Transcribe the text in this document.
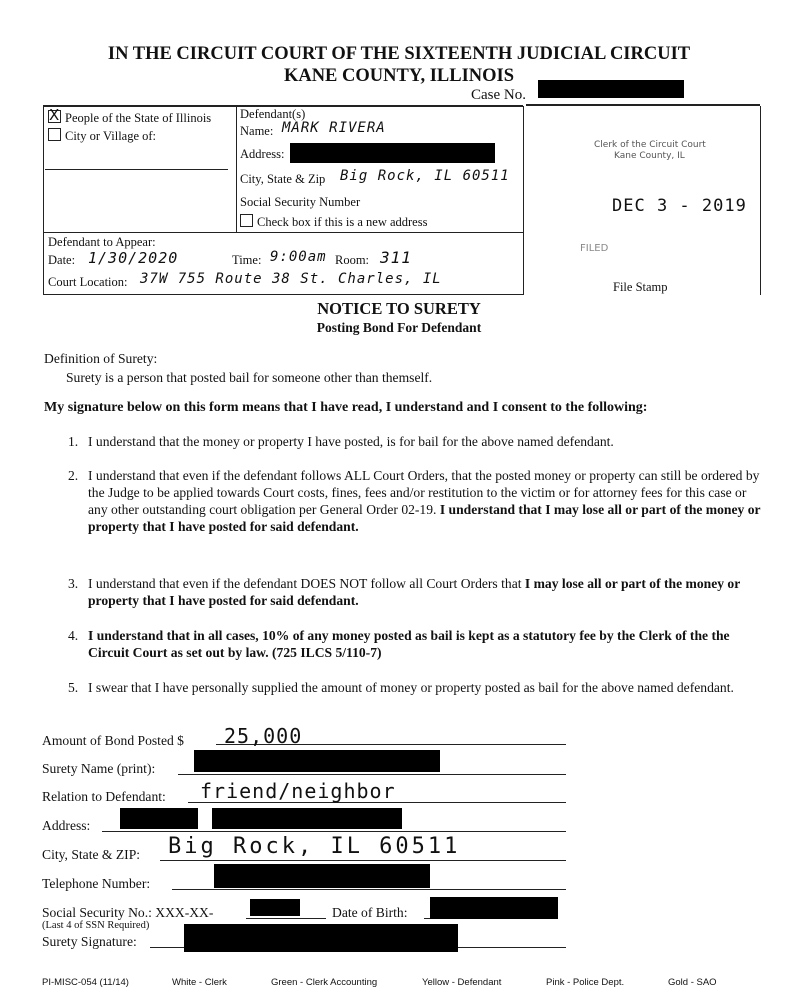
IN THE CIRCUIT COURT OF THE SIXTEENTH JUDICIAL CIRCUIT
KANE COUNTY, ILLINOIS
Case No.
XPeople of the State of Illinois
City or Village of:
Defendant(s)
Name: MARK RIVERA
Address:
City, State & Zip Big Rock, IL 60511
Social Security Number
Check box if this is a new address
Defendant to Appear:
Date: 1/30/2020	Time: 9:00am Room: 311
Court Location: 37W 755 Route 38 St. Charles, IL
Clerk of the Circuit Court
Kane County, IL
DEC 3 - 2019
FILED
File Stamp
NOTICE TO SURETY
Posting Bond For Defendant
Definition of Surety:
Surety is a person that posted bail for someone other than themself.
My signature below on this form means that I have read, I understand and I consent to the following:
1. I understand that the money or property I have posted, is for bail for the above named defendant.
2. I understand that even if the defendant follows ALL Court Orders, that the posted money or property can still be ordered by the Judge to be applied towards Court costs, fines, fees and/or restitution to the victim or for attorney fees for this case or any other outstanding court obligation per General Order 02-19. I understand that I may lose all or part of the money or property that I have posted for said defendant.
3. I understand that even if the defendant DOES NOT follow all Court Orders that I may lose all or part of the money or property that I have posted for said defendant.
4. I understand that in all cases, 10% of any money posted as bail is kept as a statutory fee by the Clerk of the the Circuit Court as set out by law. (725 ILCS 5/110-7)
5. I swear that I have personally supplied the amount of money or property posted as bail for the above named defendant.
Amount of Bond Posted $ 25,000
Surety Name (print):
Relation to Defendant: friend/neighbor
Address:
City, State & ZIP: Big Rock, IL 60511
Telephone Number:
Social Security No.: XXX-XX-
(Last 4 of SSN Required)
Date of Birth:
Surety Signature:
PI-MISC-054 (11/14)	White - Clerk	Green - Clerk Accounting	Yellow - Defendant	Pink - Police Dept.	Gold - SAO
